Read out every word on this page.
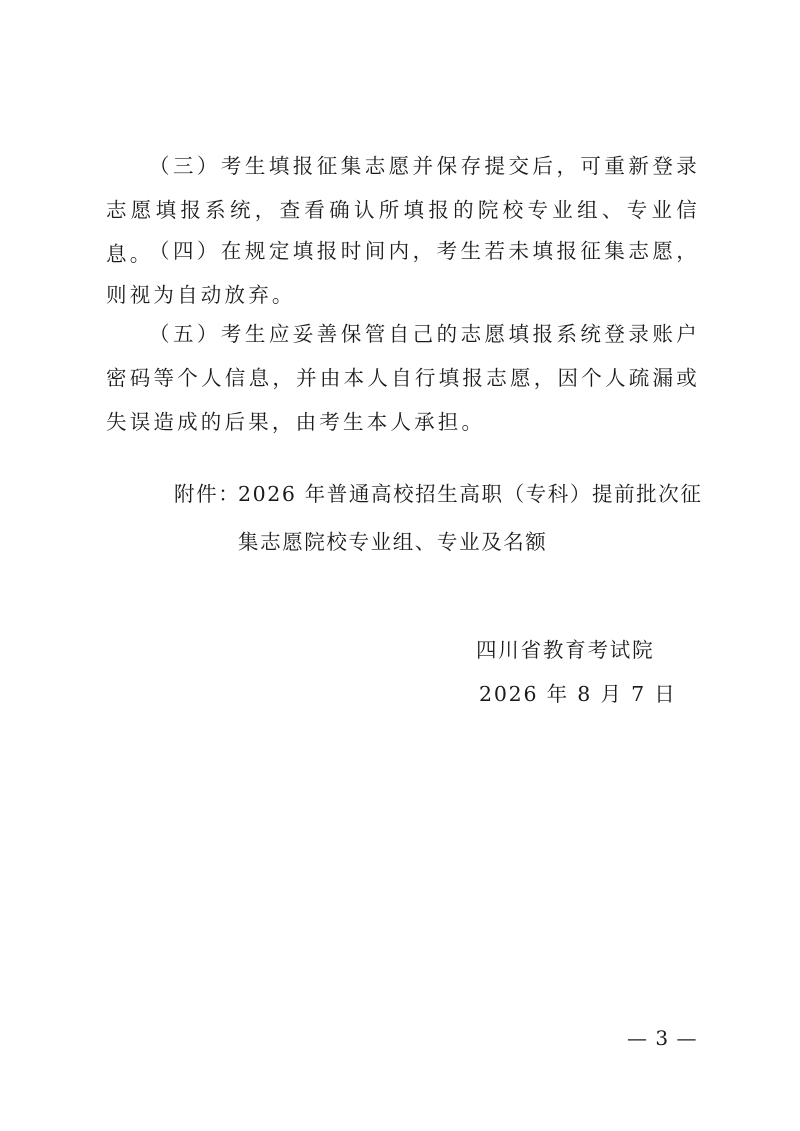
（三）考生填报征集志愿并保存提交后，可重新登录志愿填报系统，查看确认所填报的院校专业组、专业信息。

（四）在规定填报时间内，考生若未填报征集志愿，则视为自动放弃。

（五）考生应妥善保管自己的志愿填报系统登录账户密码等个人信息，并由本人自行填报志愿，因个人疏漏或失误造成的后果，由考生本人承担。

附件：
2026 年普通高校招生高职（专科）提前批次征集志愿院校专业组、专业及名额
四川省教育考试院
2026 年 8 月 7 日
— 3 —
